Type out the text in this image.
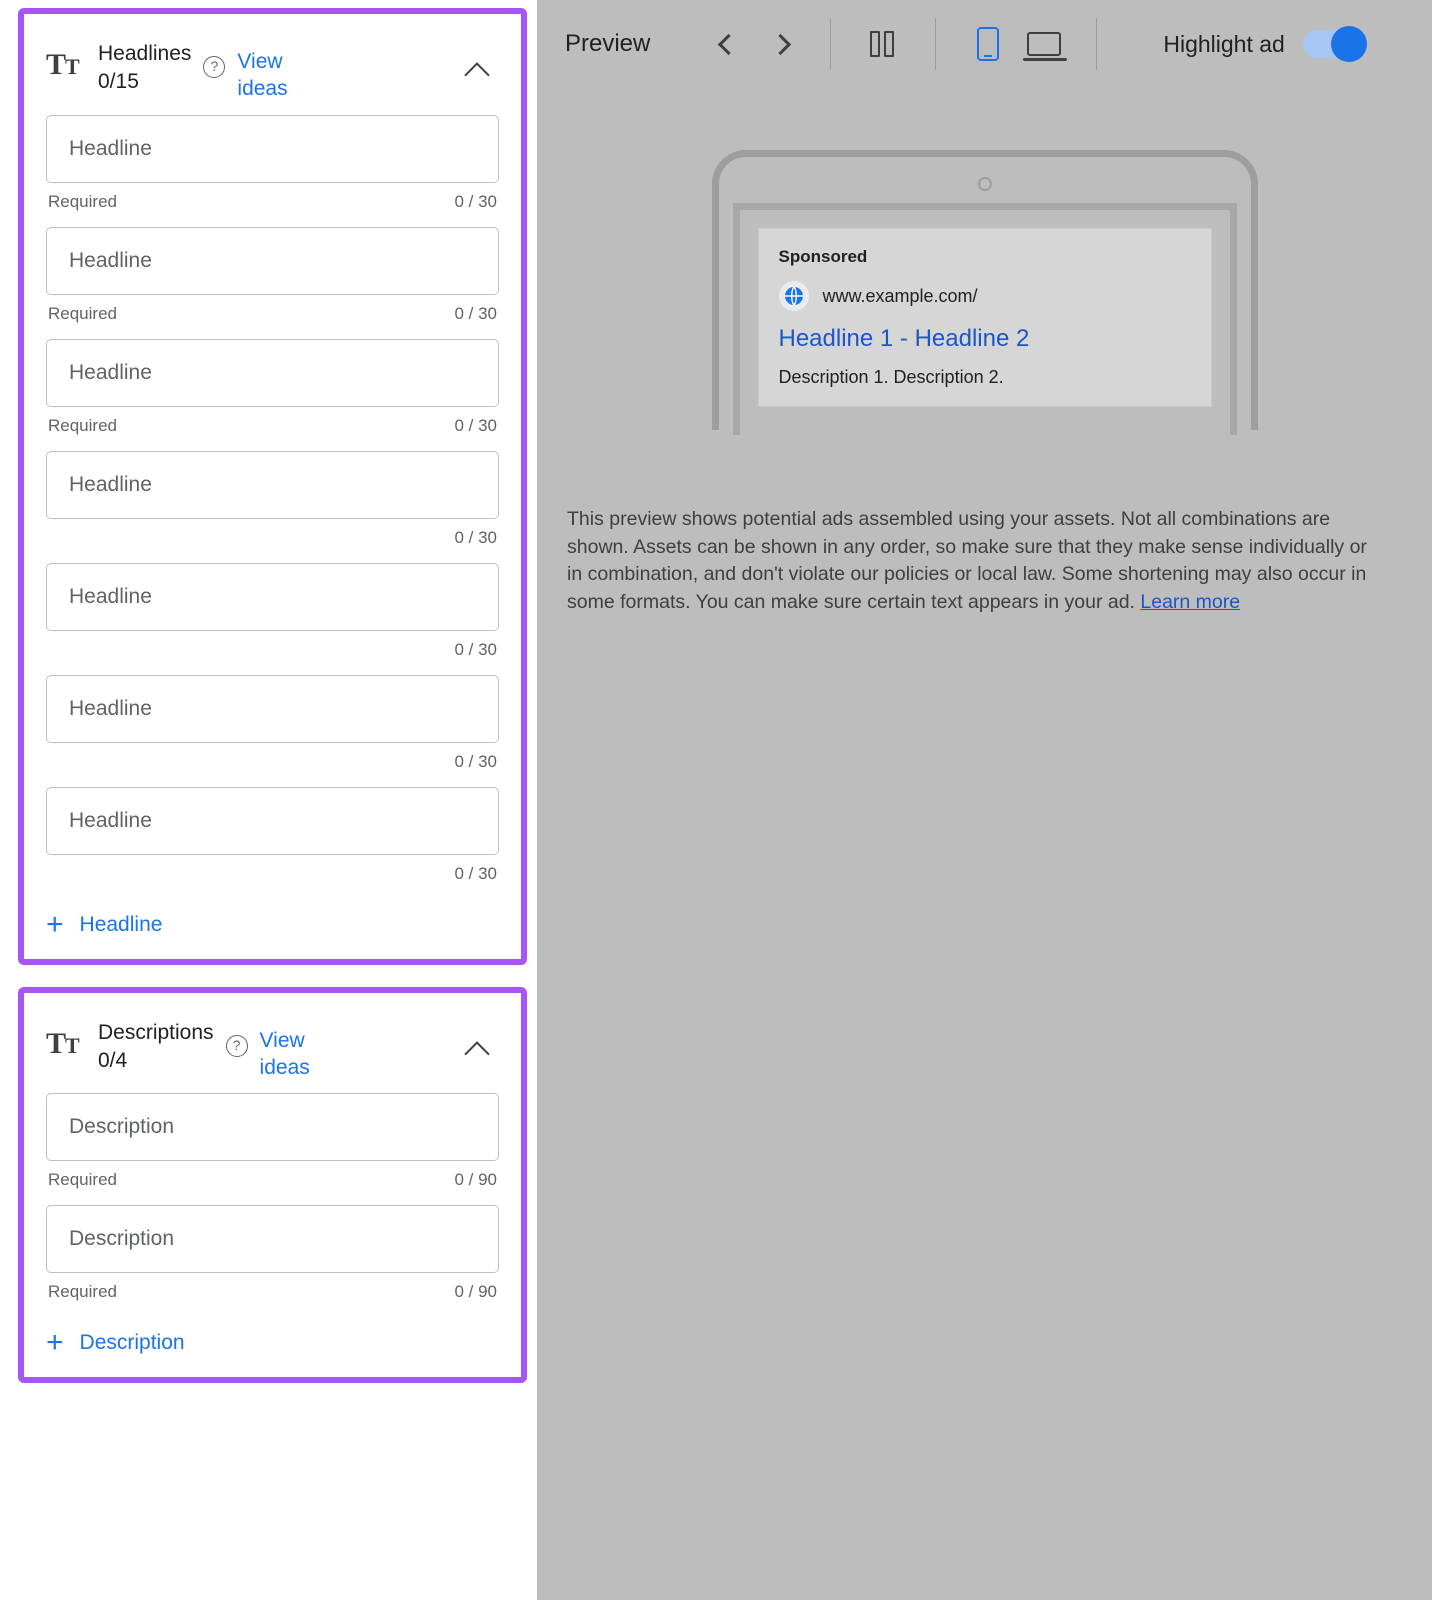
TT
Headlines
0/15
? View ideas
Headline
Required	0 / 30
Headline
Required	0 / 30
Headline
Required	0 / 30
Headline
0 / 30
Headline
0 / 30
Headline
0 / 30
Headline
0 / 30
+ Headline
TT
Descriptions
0/4
? View ideas
Description
Required	0 / 90
Description
Required	0 / 90
+ Description
Preview	Highlight ad
Sponsored
www.example.com/
Headline 1 - Headline 2
Description 1. Description 2.
This preview shows potential ads assembled using your assets. Not all combinations are shown. Assets can be shown in any order, so make sure that they make sense individually or in combination, and don't violate our policies or local law. Some shortening may also occur in some formats. You can make sure certain text appears in your ad. Learn more
